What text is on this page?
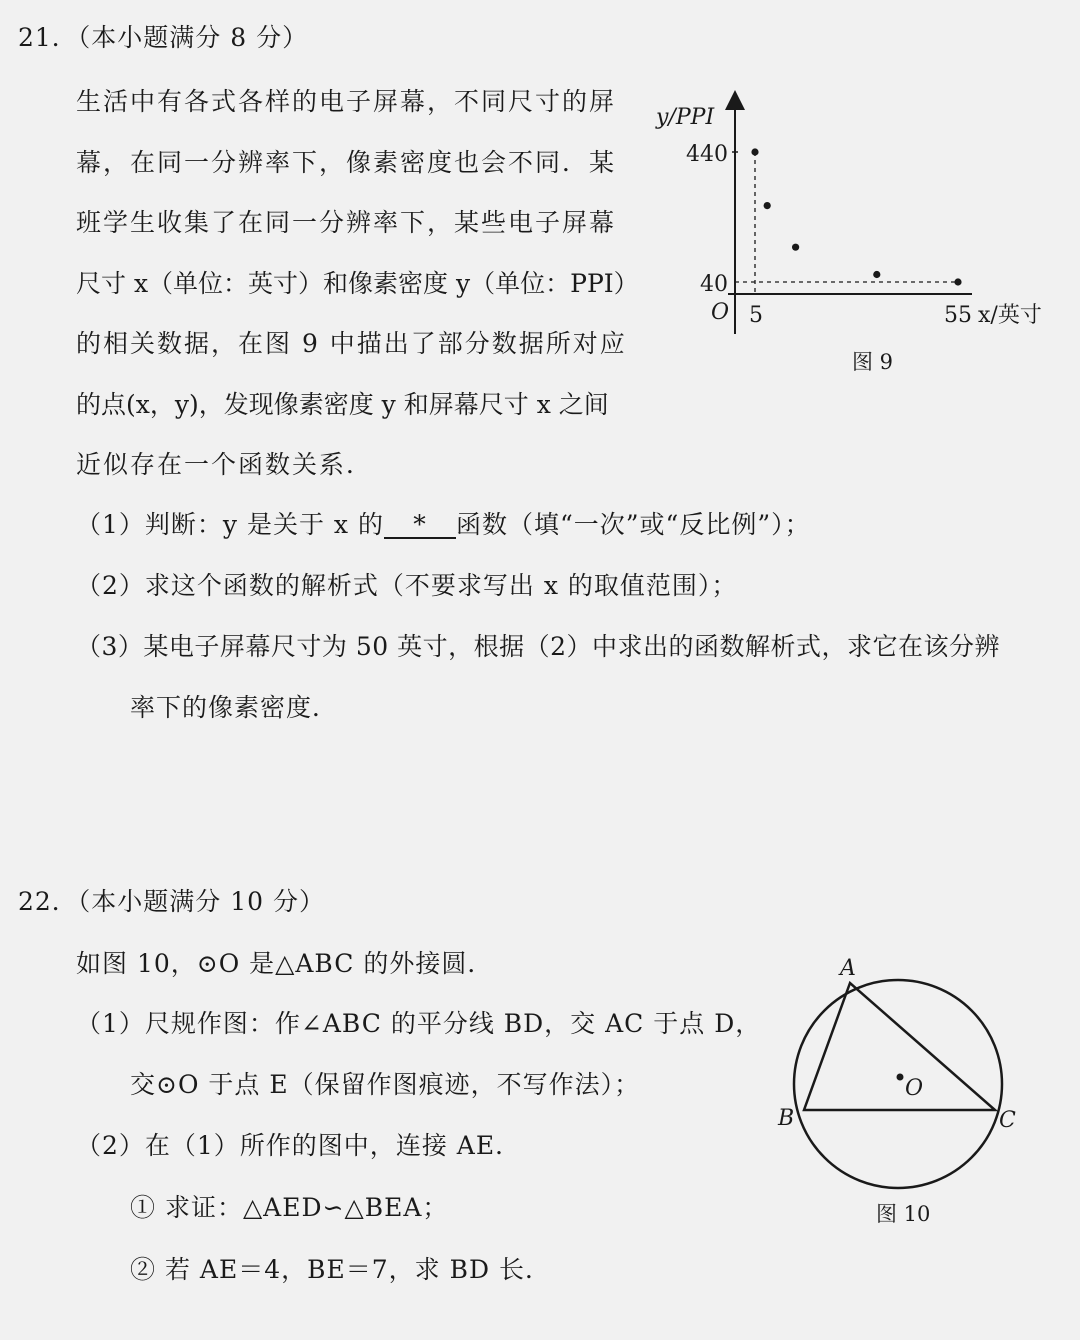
21．（本小题满分 8 分）
生活中有各式各样的电子屏幕，不同尺寸的屏
幕，在同一分辨率下，像素密度也会不同．某
班学生收集了在同一分辨率下，某些电子屏幕
尺寸 x（单位：英寸）和像素密度 y（单位：PPI）
的相关数据，在图 9 中描出了部分数据所对应
的点(x，y)，发现像素密度 y 和屏幕尺寸 x 之间
近似存在一个函数关系．
（1）判断：y 是关于 x 的 * 函数（填“一次”或“反比例”）；
（2）求这个函数的解析式（不要求写出 x 的取值范围）；
（3）某电子屏幕尺寸为 50 英寸，根据（2）中求出的函数解析式，求它在该分辨
率下的像素密度．
y/PPI
x/英寸
O
440
40
5	55
图 9
22．（本小题满分 10 分）
如图 10，⊙O 是△ABC 的外接圆．
（1）尺规作图：作∠ABC 的平分线 BD，交 AC 于点 D，
交⊙O 于点 E（保留作图痕迹，不写作法）；
（2）在（1）所作的图中，连接 AE．
① 求证：△AED∽△BEA；
② 若 AE＝4，BE＝7，求 BD 长．
A
B	C
O
图 10
